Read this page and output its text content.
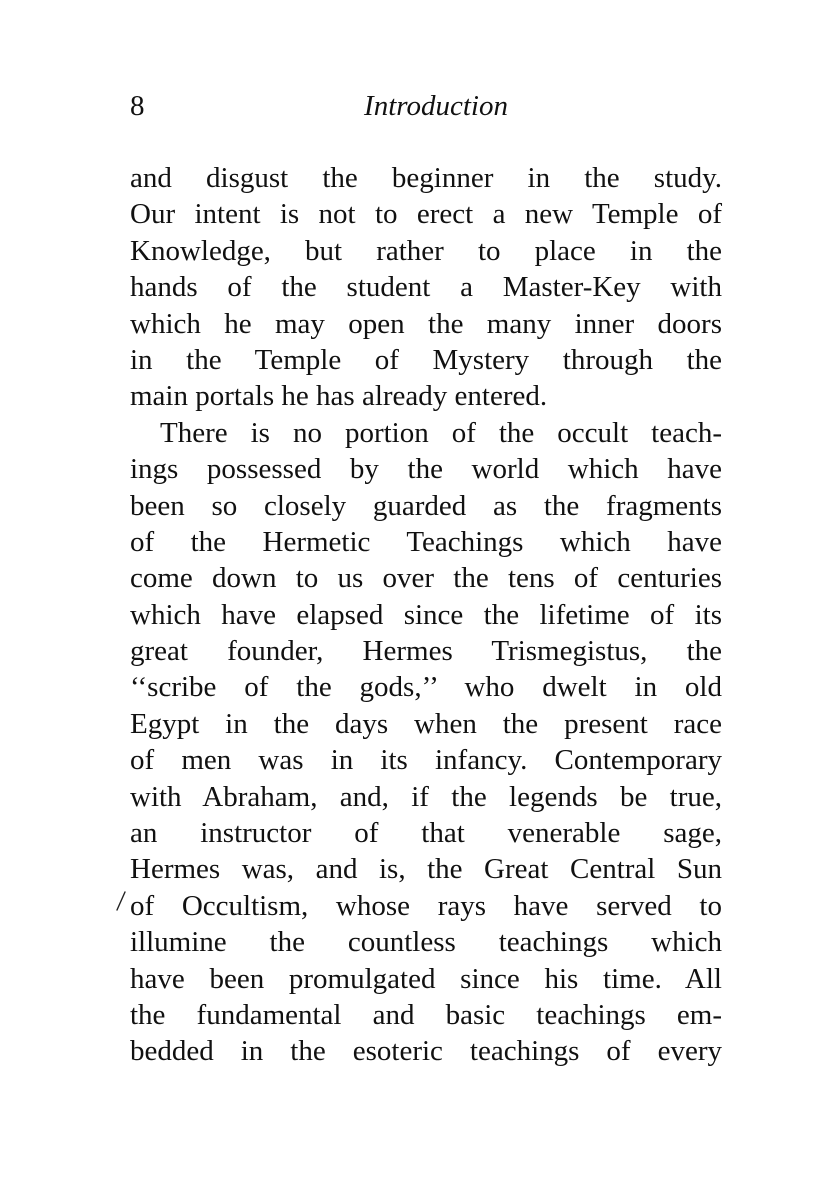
8	Introduction
and disgust the beginner in the study.
Our intent is not to erect a new Temple of
Knowledge, but rather to place in the
hands of the student a Master-Key with
which he may open the many inner doors
in the Temple of Mystery through the
main portals he has already entered.
There is no portion of the occult teach-
ings possessed by the world which have
been so closely guarded as the fragments
of the Hermetic Teachings which have
come down to us over the tens of centuries
which have elapsed since the lifetime of its
great founder, Hermes Trismegistus, the
‘‘scribe of the gods,’’ who dwelt in old
Egypt in the days when the present race
of men was in its infancy. Contemporary
with Abraham, and, if the legends be true,
an instructor of that venerable sage,
Hermes was, and is, the Great Central Sun
of Occultism, whose rays have served to
illumine the countless teachings which
have been promulgated since his time. All
the fundamental and basic teachings em-
bedded in the esoteric teachings of every
